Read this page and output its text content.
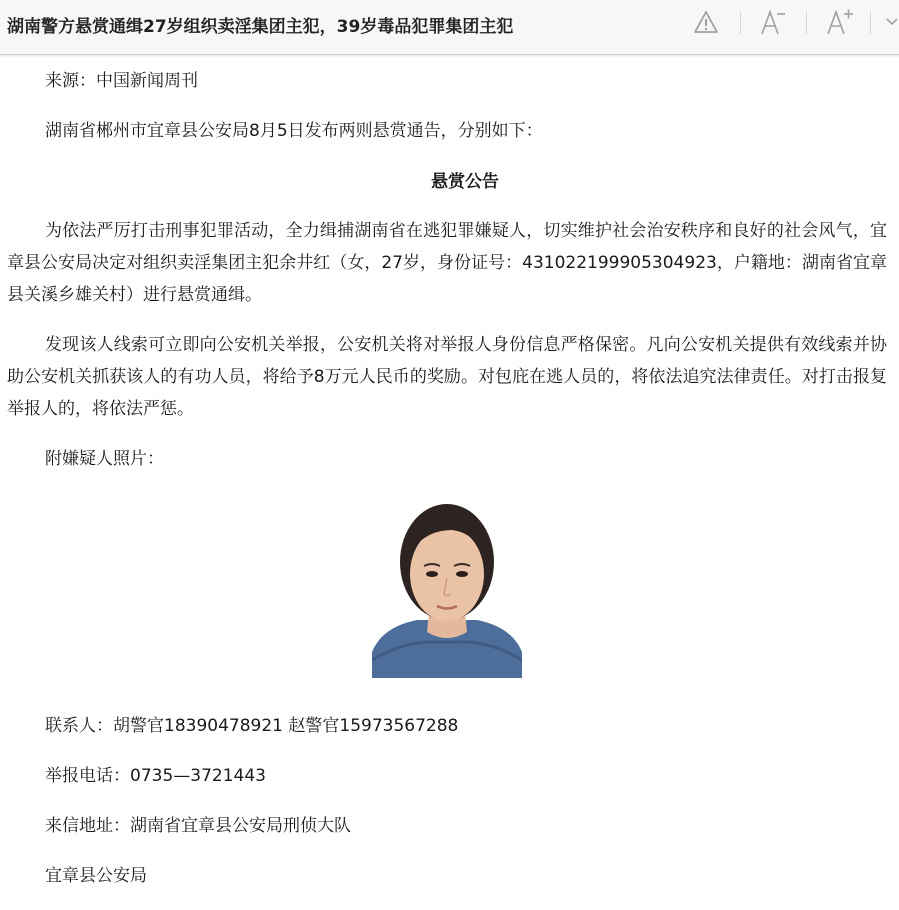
湖南警方悬赏通缉27岁组织卖淫集团主犯，39岁毒品犯罪集团主犯

来源：中国新闻周刊

湖南省郴州市宜章县公安局8月5日发布两则悬赏通告，分别如下：

悬赏公告

为依法严厉打击刑事犯罪活动，全力缉捕湖南省在逃犯罪嫌疑人，切实维护社会治安秩序和良好的社会风气，宜章县公安局决定对组织卖淫集团主犯余井红（女，27岁，身份证号：431022199905304923，户籍地：湖南省宜章县关溪乡雄关村）进行悬赏通缉。

发现该人线索可立即向公安机关举报，公安机关将对举报人身份信息严格保密。凡向公安机关提供有效线索并协助公安机关抓获该人的有功人员，将给予8万元人民币的奖励。对包庇在逃人员的，将依法追究法律责任。对打击报复举报人的，将依法严惩。

附嫌疑人照片：

联系人：胡警官18390478921 赵警官15973567288

举报电话：0735—3721443

来信地址：湖南省宜章县公安局刑侦大队

宜章县公安局
